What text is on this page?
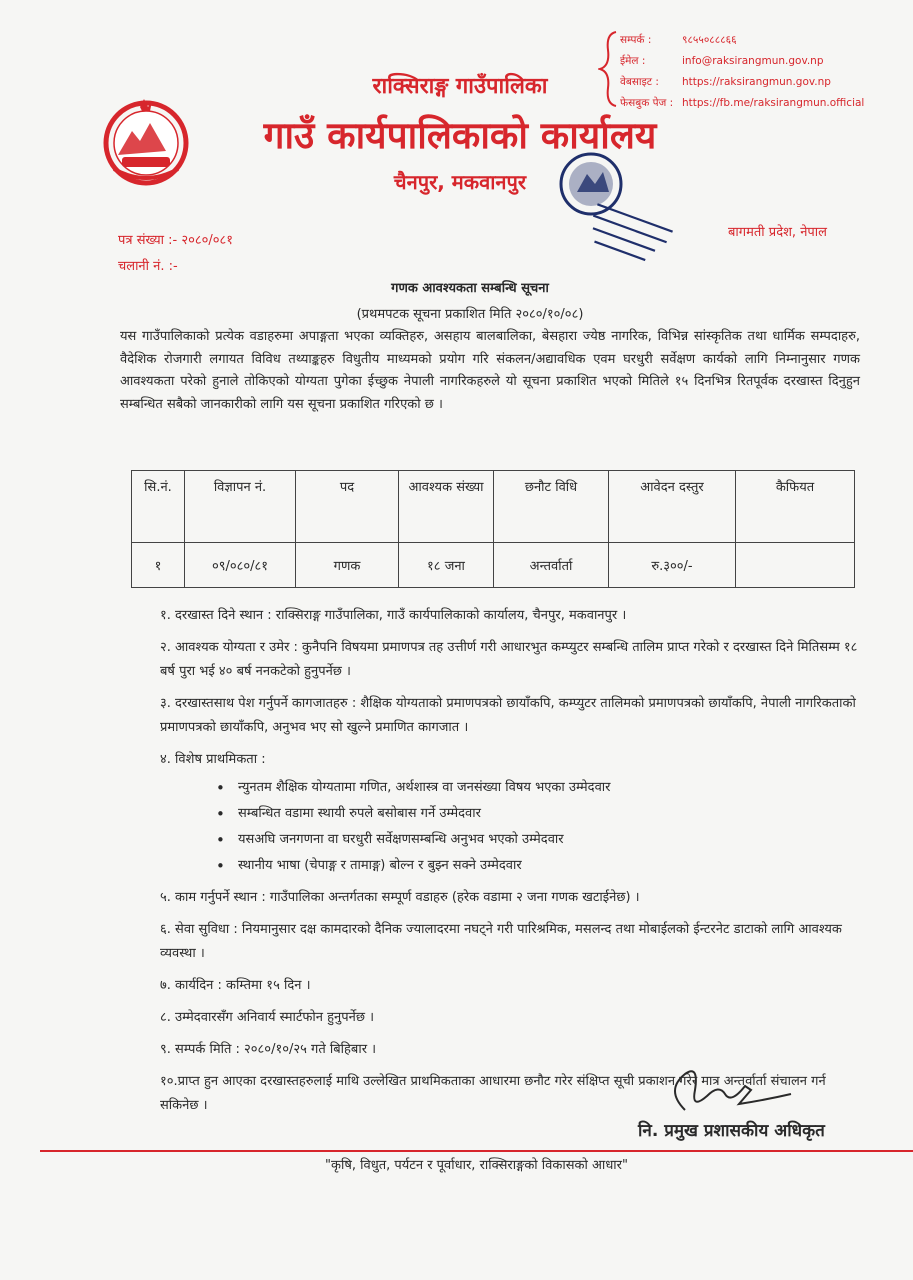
राक्सिराङ्ग गाउँपालिका
गाउँ कार्यपालिकाको कार्यालय
चैनपुर, मकवानपुर
सम्पर्क :	९८५५०८८८६६
ईमेल :	info@raksirangmun.gov.np
वेबसाइट : https://raksirangmun.gov.np
फेसबुक पेज : https://fb.me/raksirangmun.official
बागमती प्रदेश, नेपाल
पत्र संख्या :- २०८०/०८१
चलानी नं. :-
गणक आवश्यकता सम्बन्धि सूचना
(प्रथमपटक सूचना प्रकाशित मिति २०८०/१०/०८)
यस गाउँपालिकाको प्रत्येक वडाहरुमा अपाङ्गता भएका व्यक्तिहरु, असहाय बालबालिका, बेसहारा ज्येष्ठ नागरिक, विभिन्न सांस्कृतिक तथा धार्मिक सम्पदाहरु, वैदेशिक रोजगारी लगायत विविध तथ्याङ्कहरु विधुतीय माध्यमको प्रयोग गरि संकलन/अद्यावधिक एवम घरधुरी सर्वेक्षण कार्यको लागि निम्नानुसार गणक आवश्यकता परेको हुनाले तोकिएको योग्यता पुगेका ईच्छुक नेपाली नागरिकहरुले यो सूचना प्रकाशित भएको मितिले १५ दिनभित्र रितपूर्वक दरखास्त दिनुहुन सम्बन्धित सबैको जानकारीको लागि यस सूचना प्रकाशित गरिएको छ ।
सि.नं.	विज्ञापन नं.	पद	आवश्यक संख्या	छनौट विधि	आवेदन दस्तुर	कैफियत
१	०९/०८०/८१	गणक	१८ जना	अन्तर्वार्ता	रु.३००/-	
१. दरखास्त दिने स्थान : राक्सिराङ्ग गाउँपालिका, गाउँ कार्यपालिकाको कार्यालय, चैनपुर, मकवानपुर ।
२. आवश्यक योग्यता र उमेर : कुनैपनि विषयमा प्रमाणपत्र तह उत्तीर्ण गरी आधारभुत कम्प्युटर सम्बन्धि तालिम प्राप्त गरेको र दरखास्त दिने मितिसम्म १८ बर्ष पुरा भई ४० बर्ष ननकटेको हुनुपर्नेछ ।
३. दरखास्तसाथ पेश गर्नुपर्ने कागजातहरु : शैक्षिक योग्यताको प्रमाणपत्रको छायाँकपि, कम्प्युटर तालिमको प्रमाणपत्रको छायाँकपि, नेपाली नागरिकताको प्रमाणपत्रको छायाँकपि, अनुभव भए सो खुल्ने प्रमाणित कागजात ।
४. विशेष प्राथमिकता :
• न्युनतम शैक्षिक योग्यतामा गणित, अर्थशास्त्र वा जनसंख्या विषय भएका उम्मेदवार
• सम्बन्धित वडामा स्थायी रुपले बसोबास गर्ने उम्मेदवार
• यसअघि जनगणना वा घरधुरी सर्वेक्षणसम्बन्धि अनुभव भएको उम्मेदवार
• स्थानीय भाषा (चेपाङ्ग र तामाङ्ग) बोल्न र बुझ्न सक्ने उम्मेदवार
५. काम गर्नुपर्ने स्थान : गाउँपालिका अन्तर्गतका सम्पूर्ण वडाहरु (हरेक वडामा २ जना गणक खटाईनेछ) ।
६. सेवा सुविधा : नियमानुसार दक्ष कामदारको दैनिक ज्यालादरमा नघट्ने गरी पारिश्रमिक, मसलन्द तथा मोबाईलको ईन्टरनेट डाटाको लागि आवश्यक व्यवस्था ।
७. कार्यदिन : कम्तिमा १५ दिन ।
८. उम्मेदवारसँग अनिवार्य स्मार्टफोन हुनुपर्नेछ ।
९. सम्पर्क मिति : २०८०/१०/२५ गते बिहिबार ।
१०.प्राप्त हुन आएका दरखास्तहरुलाई माथि उल्लेखित प्राथमिकताका आधारमा छनौट गरेर संक्षिप्त सूची प्रकाशन गरेर मात्र अन्तर्वार्ता संचालन गर्न सकिनेछ ।
नि. प्रमुख प्रशासकीय अधिकृत
"कृषि, विधुत, पर्यटन र पूर्वाधार, राक्सिराङ्गको विकासको आधार"
